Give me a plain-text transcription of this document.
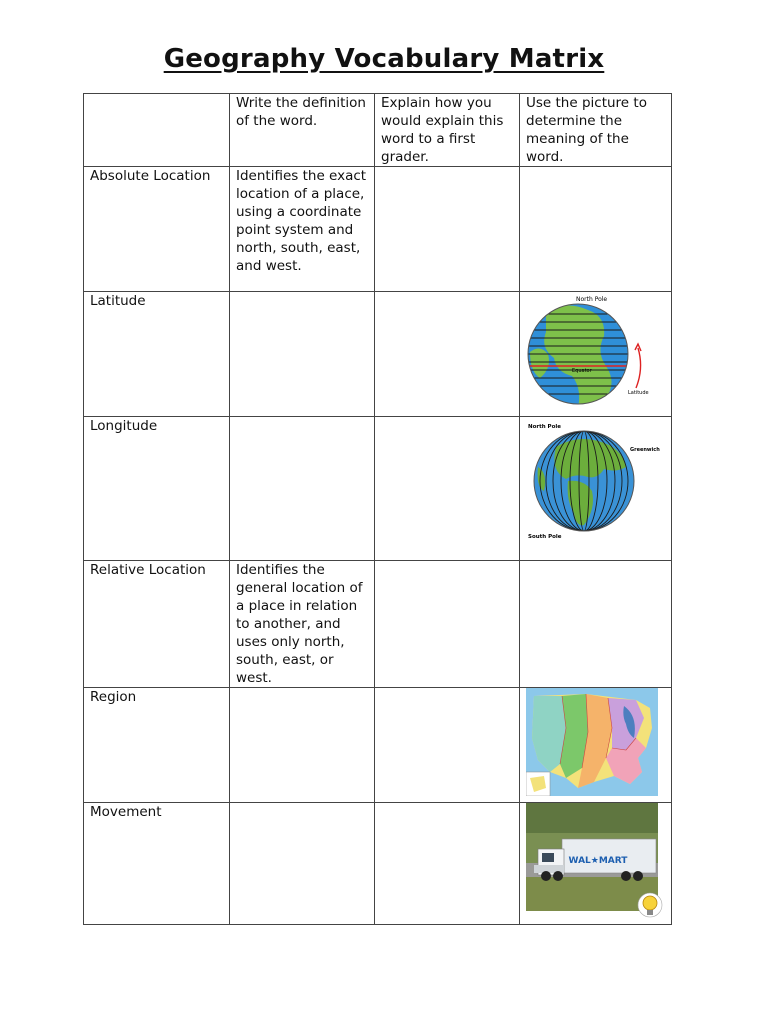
Geography Vocabulary Matrix
	Write the definition of the word.	Explain how you would explain this word to a first grader.	Use the picture to determine the meaning of the word.
Absolute Location	Identifies the exact location of a place, using a coordinate point system and north, south, east, and west.		
Latitude			North Pole
Equator
Latitude

Longitude			North Pole
Greenwich
South Pole

Relative Location	Identifies the general location of a place in relation to another, and uses only north, south, east, or west.		
Region			
Movement			WAL★MART
